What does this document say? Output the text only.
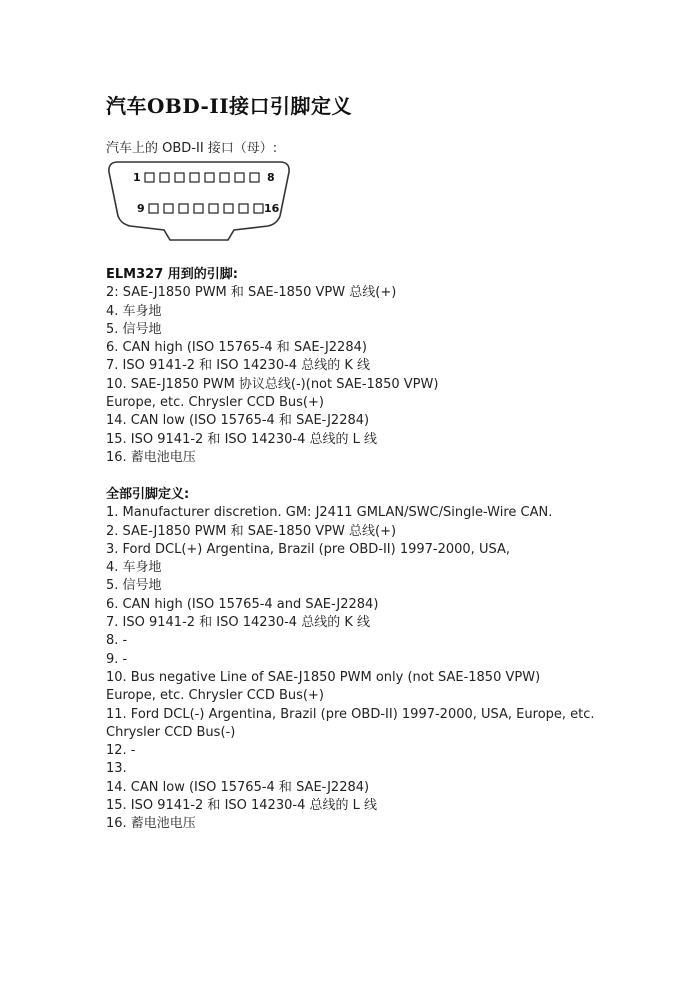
汽车OBD-II接口引脚定义
汽车上的 OBD-II 接口（母）:
1	8
9	16
ELM327 用到的引脚:
2: SAE-J1850 PWM 和 SAE-1850 VPW 总线(+)
4. 车身地
5. 信号地
6. CAN high (ISO 15765-4 和 SAE-J2284)
7. ISO 9141-2 和 ISO 14230-4 总线的 K 线
10. SAE-J1850 PWM 协议总线(-)(not SAE-1850 VPW)
Europe, etc. Chrysler CCD Bus(+)
14. CAN low (ISO 15765-4 和 SAE-J2284)
15. ISO 9141-2 和 ISO 14230-4 总线的 L 线
16. 蓄电池电压
全部引脚定义:
1. Manufacturer discretion. GM: J2411 GMLAN/SWC/Single-Wire CAN.
2. SAE-J1850 PWM 和 SAE-1850 VPW 总线(+)
3. Ford DCL(+) Argentina, Brazil (pre OBD-II) 1997-2000, USA,
4. 车身地
5. 信号地
6. CAN high (ISO 15765-4 and SAE-J2284)
7. ISO 9141-2 和 ISO 14230-4 总线的 K 线
8. -
9. -
10. Bus negative Line of SAE-J1850 PWM only (not SAE-1850 VPW)
Europe, etc. Chrysler CCD Bus(+)
11. Ford DCL(-) Argentina, Brazil (pre OBD-II) 1997-2000, USA, Europe, etc.
Chrysler CCD Bus(-)
12. -
13.
14. CAN low (ISO 15765-4 和 SAE-J2284)
15. ISO 9141-2 和 ISO 14230-4 总线的 L 线
16. 蓄电池电压
